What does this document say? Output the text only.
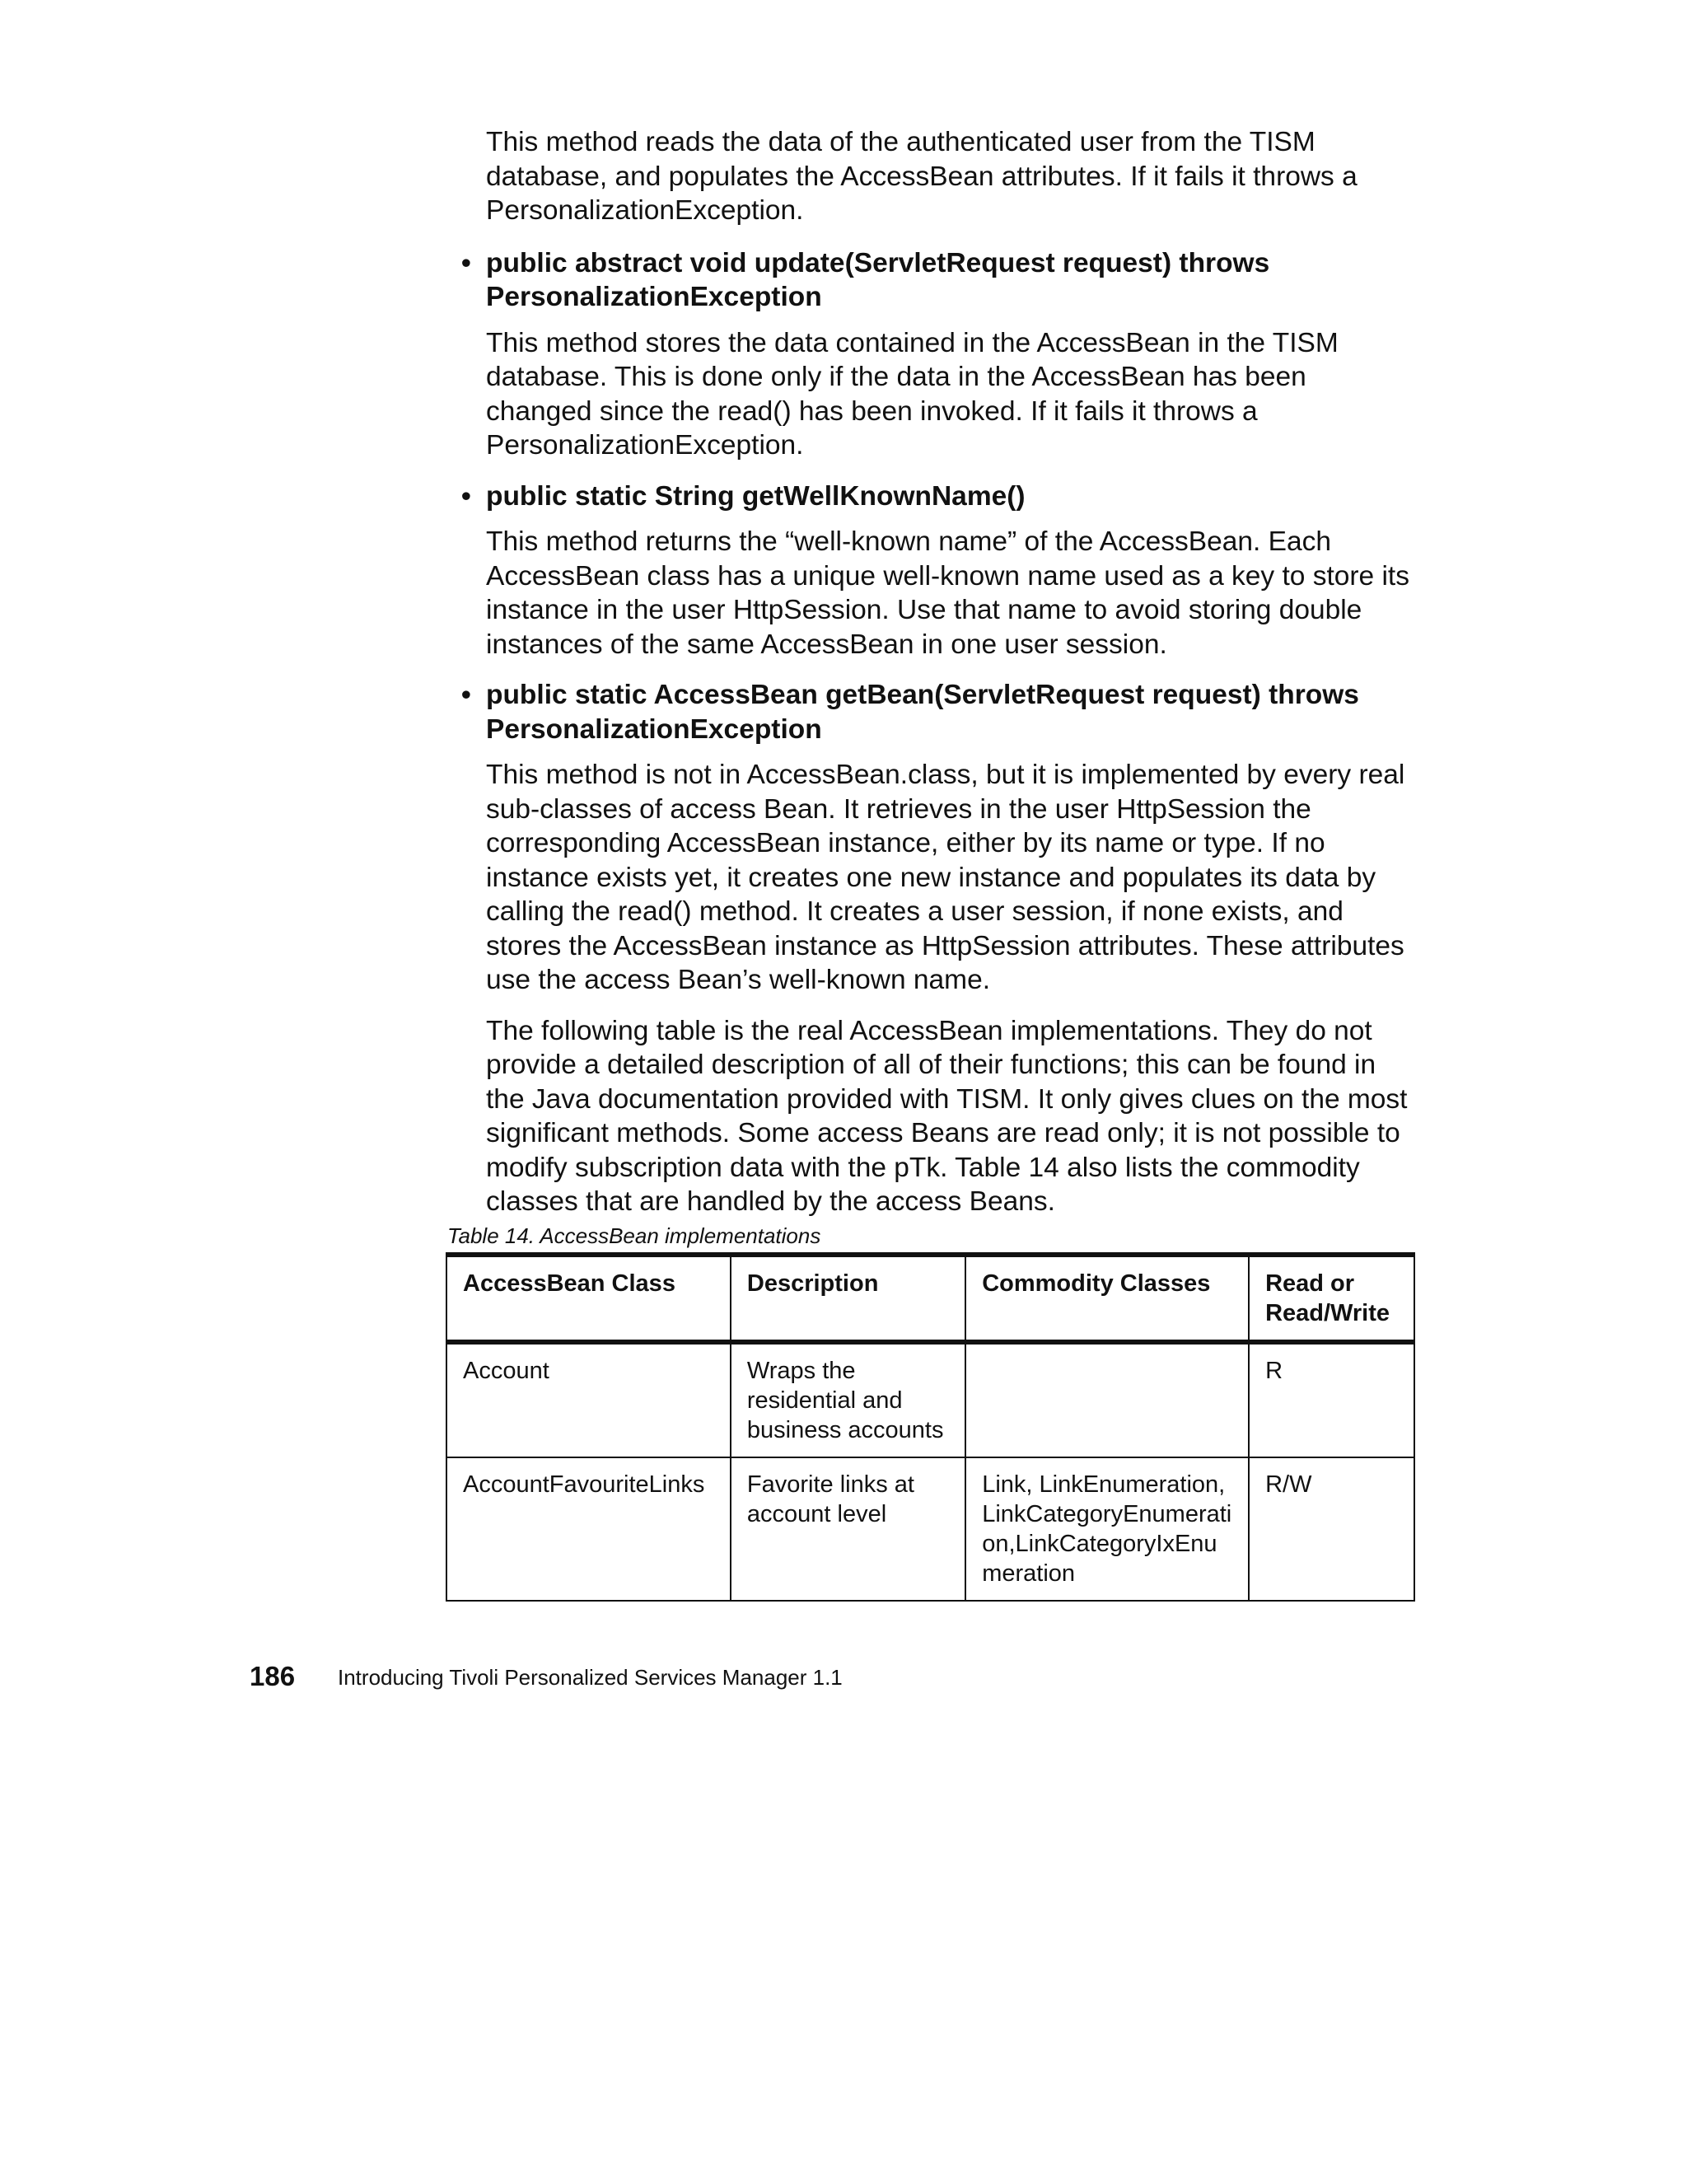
This method reads the data of the authenticated user from the TISM database, and populates the AccessBean attributes. If it fails it throws a PersonalizationException.

• public abstract void update(ServletRequest request) throws PersonalizationException

This method stores the data contained in the AccessBean in the TISM database. This is done only if the data in the AccessBean has been changed since the read() has been invoked. If it fails it throws a PersonalizationException.

• public static String getWellKnownName()

This method returns the “well-known name” of the AccessBean. Each AccessBean class has a unique well-known name used as a key to store its instance in the user HttpSession. Use that name to avoid storing double instances of the same AccessBean in one user session.

• public static AccessBean getBean(ServletRequest request) throws PersonalizationException

This method is not in AccessBean.class, but it is implemented by every real sub-classes of access Bean. It retrieves in the user HttpSession the corresponding AccessBean instance, either by its name or type. If no instance exists yet, it creates one new instance and populates its data by calling the read() method. It creates a user session, if none exists, and stores the AccessBean instance as HttpSession attributes. These attributes use the access Bean’s well-known name.

The following table is the real AccessBean implementations. They do not provide a detailed description of all of their functions; this can be found in the Java documentation provided with TISM. It only gives clues on the most significant methods. Some access Beans are read only; it is not possible to modify subscription data with the pTk. Table 14 also lists the commodity classes that are handled by the access Beans.

Table 14. AccessBean implementations
AccessBean Class	Description	Commodity Classes	Read or
Read/Write
Account	Wraps the residential and business accounts		R
AccountFavouriteLinks	Favorite links at account level	Link, LinkEnumeration, LinkCategoryEnumeration,LinkCategoryIxEnumeration	R/W
186 Introducing Tivoli Personalized Services Manager 1.1
